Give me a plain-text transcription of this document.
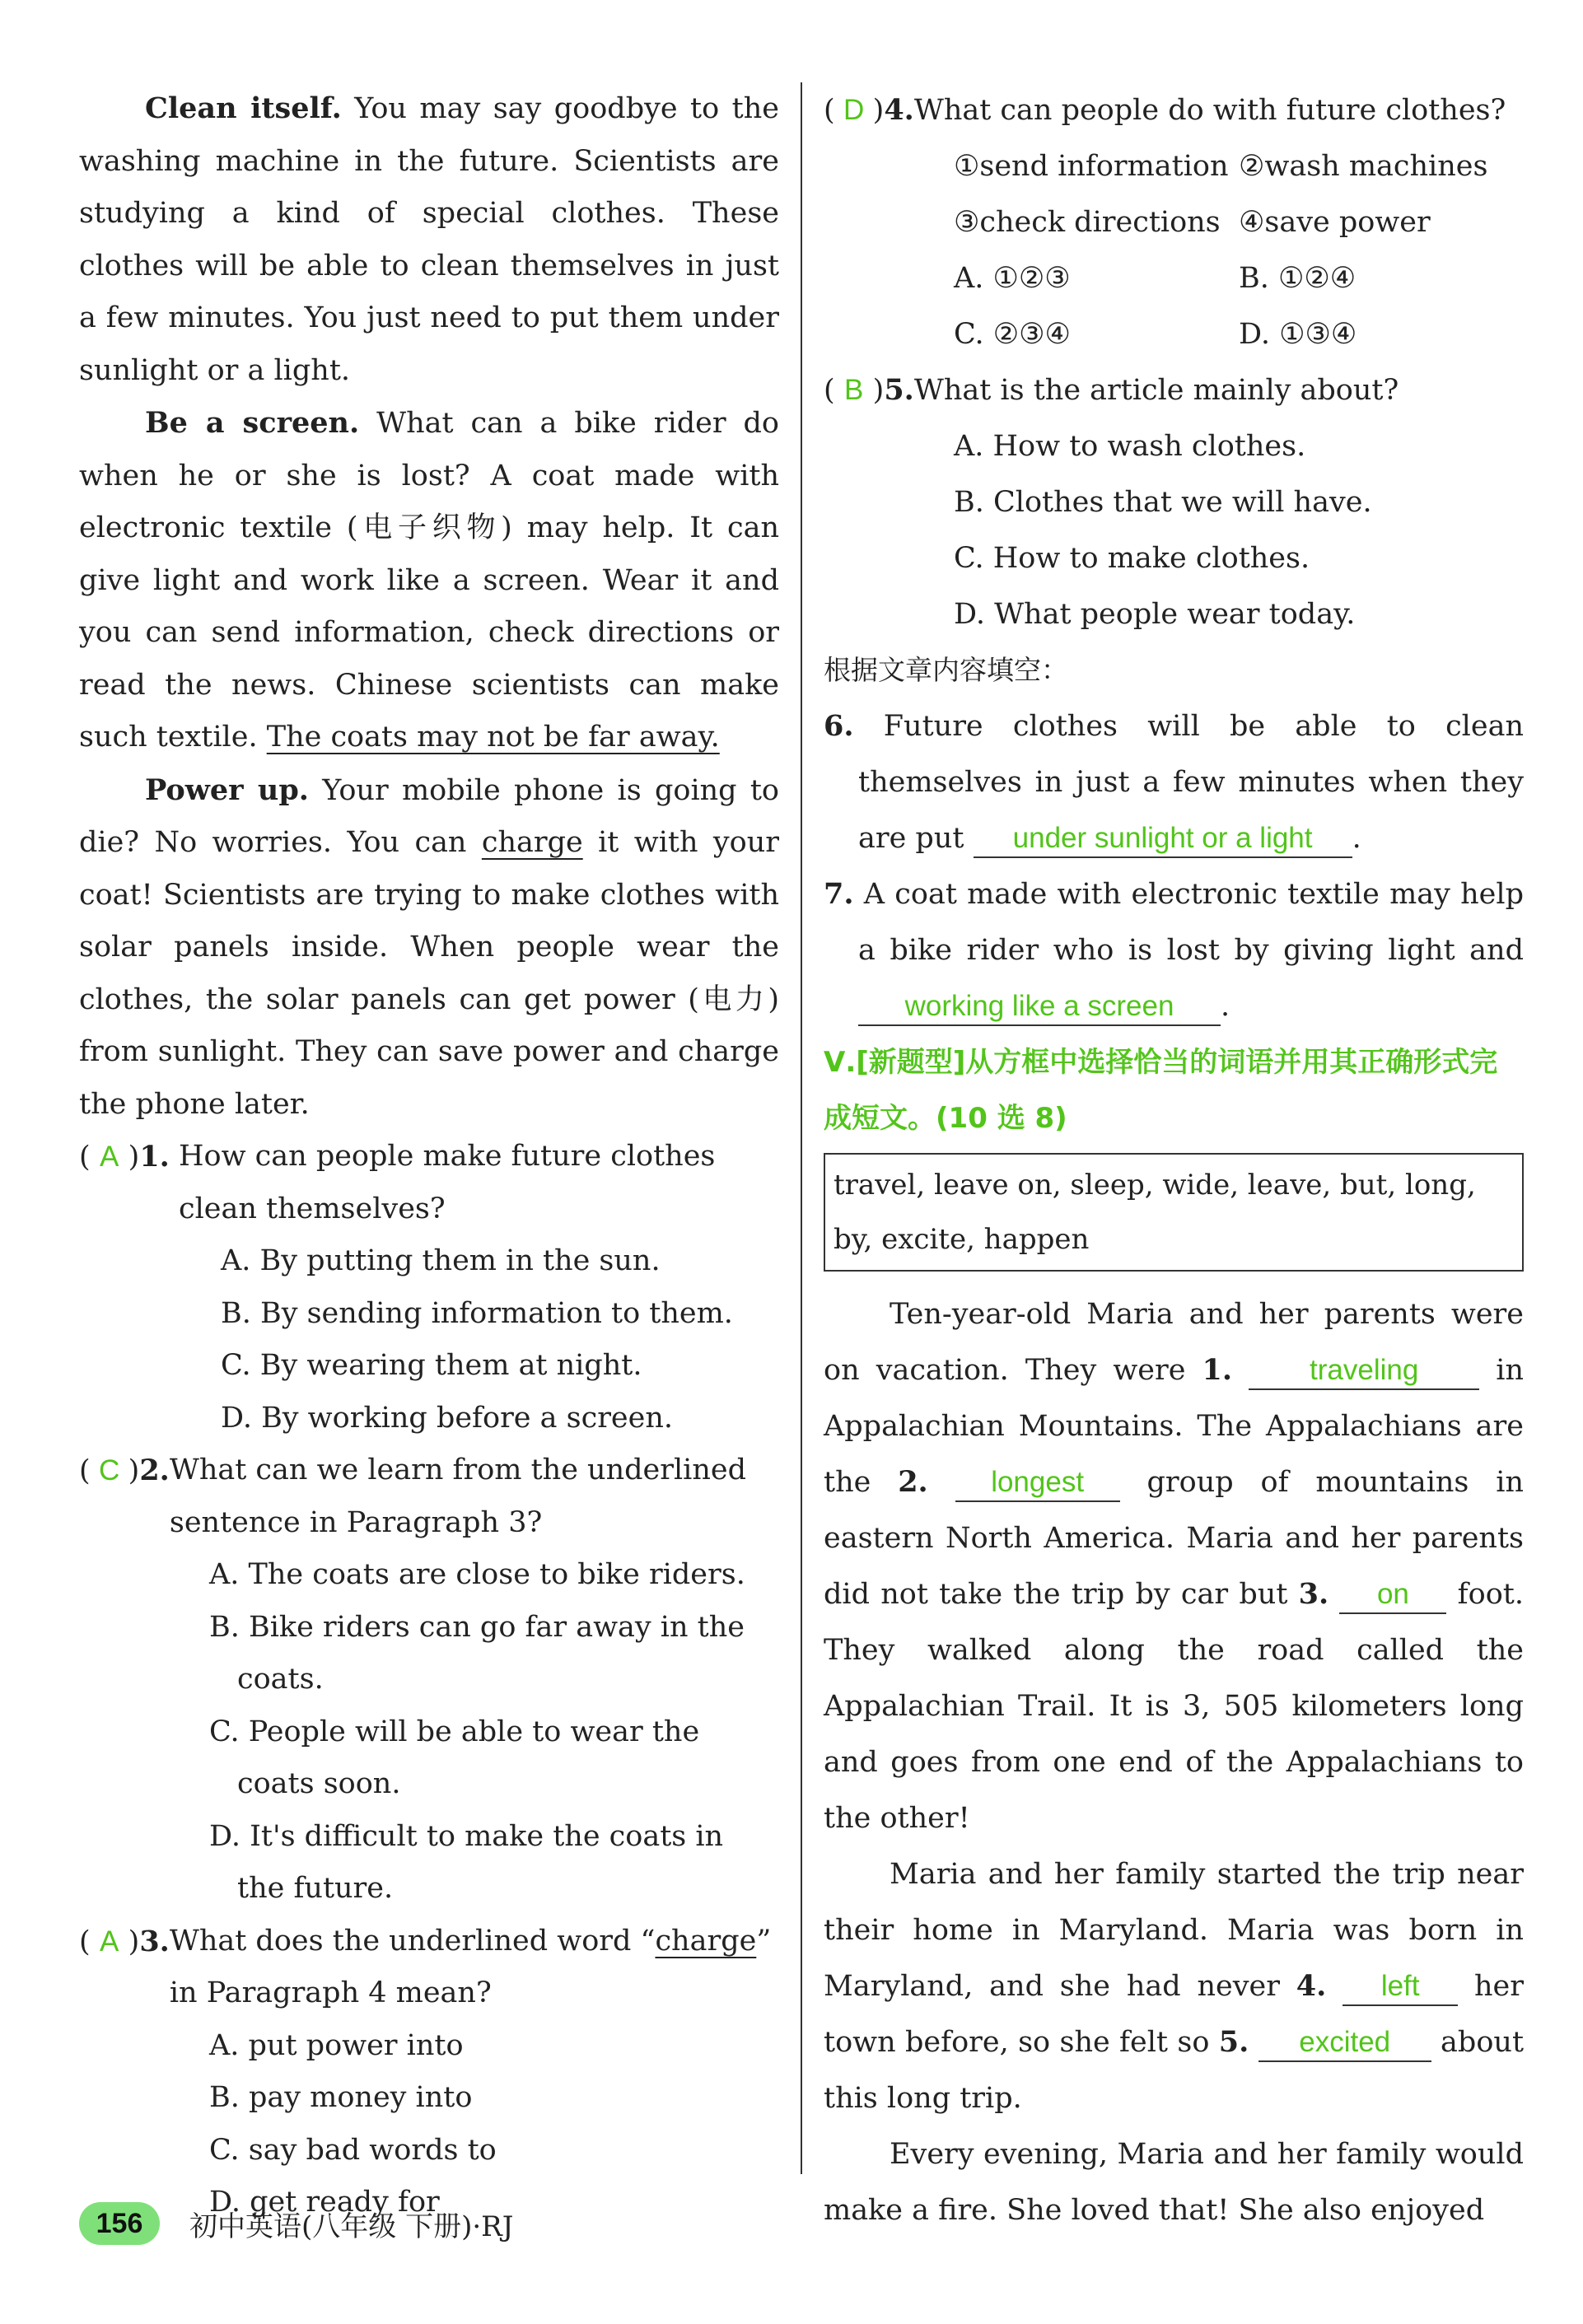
Clean itself. You may say goodbye to the washing machine in the future. Scientists are studying a kind of special clothes. These clothes will be able to clean themselves in just a few minutes. You just need to put them under sunlight or a light.

Be a screen. What can a bike rider do when he or she is lost? A coat made with electronic textile (电子织物) may help. It can give light and work like a screen. Wear it and you can send information, check directions or read the news. Chinese scientists can make such textile. The coats may not be far away.

Power up. Your mobile phone is going to die? No worries. You can charge it with your coat! Scientists are trying to make clothes with solar panels inside. When people wear the clothes, the solar panels can get power (电力) from sunlight. They can save power and charge the phone later.

( A )1. How can people make future clothes clean themselves?

A. By putting them in the sun.

B. By sending information to them.

C. By wearing them at night.

D. By working before a screen.

( C )2. What can we learn from the underlined sentence in Paragraph 3?

A. The coats are close to bike riders.

B. Bike riders can go far away in the coats.

C. People will be able to wear the coats soon.

D. It's difficult to make the coats in the future.

( A )3. What does the underlined word “charge” in Paragraph 4 mean?

A. put power into

B. pay money into

C. say bad words to

D. get ready for

( D )4. What can people do with future clothes?

①send information ②wash machines

③check directions ④save power

A. ①②③	B. ①②④

C. ②③④	D. ①③④

( B )5. What is the article mainly about?

A. How to wash clothes.

B. Clothes that we will have.

C. How to make clothes.

D. What people wear today.

根据文章内容填空：

6. Future clothes will be able to clean themselves in just a few minutes when they are put under sunlight or a light .

7. A coat made with electronic textile may help a bike rider who is lost by giving light and working like a screen .

Ⅴ.[新题型]从方框中选择恰当的词语并用其正确形式完成短文。(10 选 8)

travel, leave on, sleep, wide, leave, but, long, by, excite, happen

Ten-year-old Maria and her parents were on vacation. They were 1.	traveling in Appalachian Mountains. The Appalachians are the 2. longest group of mountains in eastern North America. Maria and her parents did not take the trip by car but 3. on foot. They walked along the road called the Appalachian Trail. It is 3, 505 kilometers long and goes from one end of the Appalachians to the other!

Maria and her family started the trip near their home in Maryland. Maria was born in Maryland, and she had never 4. left her town before, so she felt so 5. excited about this long trip.

Every evening, Maria and her family would make a fire. She loved that! She also enjoyed

156	初中英语(八年级 下册)·RJ
